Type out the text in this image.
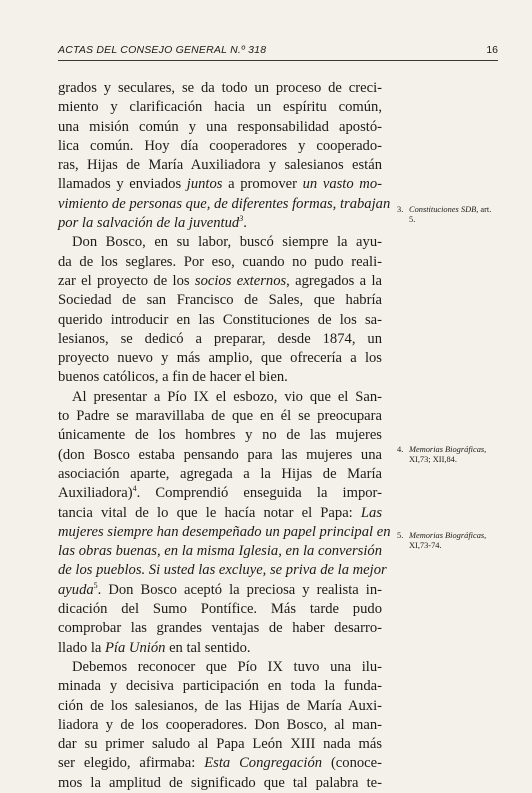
ACTAS DEL CONSEJO GENERAL N.º 318	16
grados y seculares, se da todo un proceso de creci-
miento y clarificación hacia un espíritu común,
una misión común y una responsabilidad apostó-
lica común. Hoy día cooperadores y cooperado-
ras, Hijas de María Auxiliadora y salesianos están
llamados y enviados juntos a promover un vasto mo-
vimiento de personas que, de diferentes formas, trabajan
por la salvación de la juventud$^3$.
Don Bosco, en su labor, buscó siempre la ayu-
da de los seglares. Por eso, cuando no pudo reali-
zar el proyecto de los socios externos, agregados a la
Sociedad de san Francisco de Sales, que habría
querido introducir en las Constituciones de los sa-
lesianos, se dedicó a preparar, desde 1874, un
proyecto nuevo y más amplio, que ofrecería a los
buenos católicos, a fin de hacer el bien.
Al presentar a Pío IX el esbozo, vio que el San-
to Padre se maravillaba de que en él se preocupara
únicamente de los hombres y no de las mujeres
(don Bosco estaba pensando para las mujeres una
asociación aparte, agregada a la Hijas de María
Auxiliadora)$^4$. Comprendió enseguida la impor-
tancia vital de lo que le hacía notar el Papa: Las
mujeres siempre han desempeñado un papel principal en
las obras buenas, en la misma Iglesia, en la conversión
de los pueblos. Si usted las excluye, se priva de la mejor
ayuda$^5$. Don Bosco aceptó la preciosa y realista in-
dicación del Sumo Pontífice. Más tarde pudo
comprobar las grandes ventajas de haber desarro-
llado la Pía Unión en tal sentido.
Debemos reconocer que Pío IX tuvo una ilu-
minada y decisiva participación en toda la funda-
ción de los salesianos, de las Hijas de María Auxi-
liadora y de los cooperadores. Don Bosco, al man-
dar su primer saludo al Papa León XIII nada más
ser elegido, afirmaba: Esta Congregación (conoce-
mos la amplitud de significado que tal palabra te-
3. Constituciones SDB, art.
5.
4. Memorias Biográficas,
XI,73; XII,84.
5. Memorias Biográficas,
XI,73-74.
